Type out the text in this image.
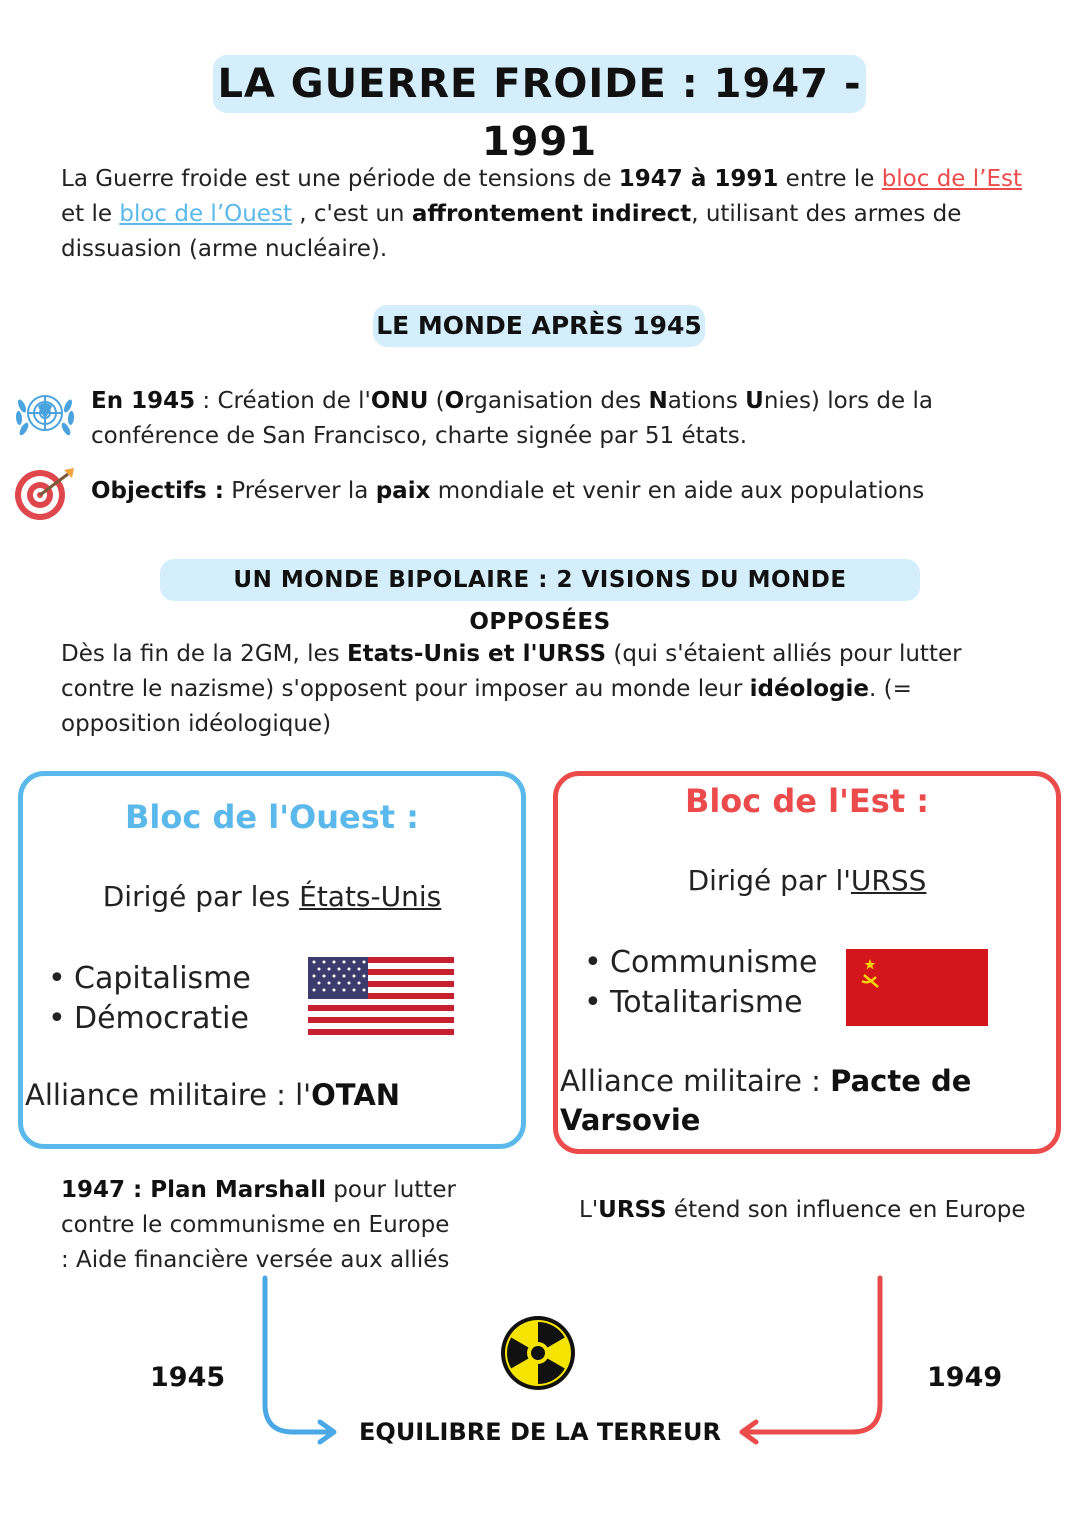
LA GUERRE FROIDE : 1947 - 1991
La Guerre froide est une période de tensions de 1947 à 1991 entre le bloc de l’Est
et le bloc de l’Ouest , c'est un affrontement indirect, utilisant des armes de
dissuasion (arme nucléaire).
LE MONDE APRÈS 1945
En 1945 : Création de l'ONU (Organisation des Nations Unies) lors de la
conférence de San Francisco, charte signée par 51 états.
Objectifs : Préserver la paix mondiale et venir en aide aux populations
UN MONDE BIPOLAIRE : 2 VISIONS DU MONDE OPPOSÉES
Dès la fin de la 2GM, les Etats-Unis et l'URSS (qui s'étaient alliés pour lutter
contre le nazisme) s'opposent pour imposer au monde leur idéologie. (=
opposition idéologique)
Bloc de l'Ouest :
Dirigé par les États-Unis
• Capitalisme
• Démocratie
Alliance militaire : l'OTAN
Bloc de l'Est :
Dirigé par l'URSS
• Communisme
• Totalitarisme
Alliance militaire : Pacte de
Varsovie
1947 : Plan Marshall pour lutter
contre le communisme en Europe
: Aide financière versée aux alliés
L'URSS étend son influence en Europe
1945	1949
EQUILIBRE DE LA TERREUR
